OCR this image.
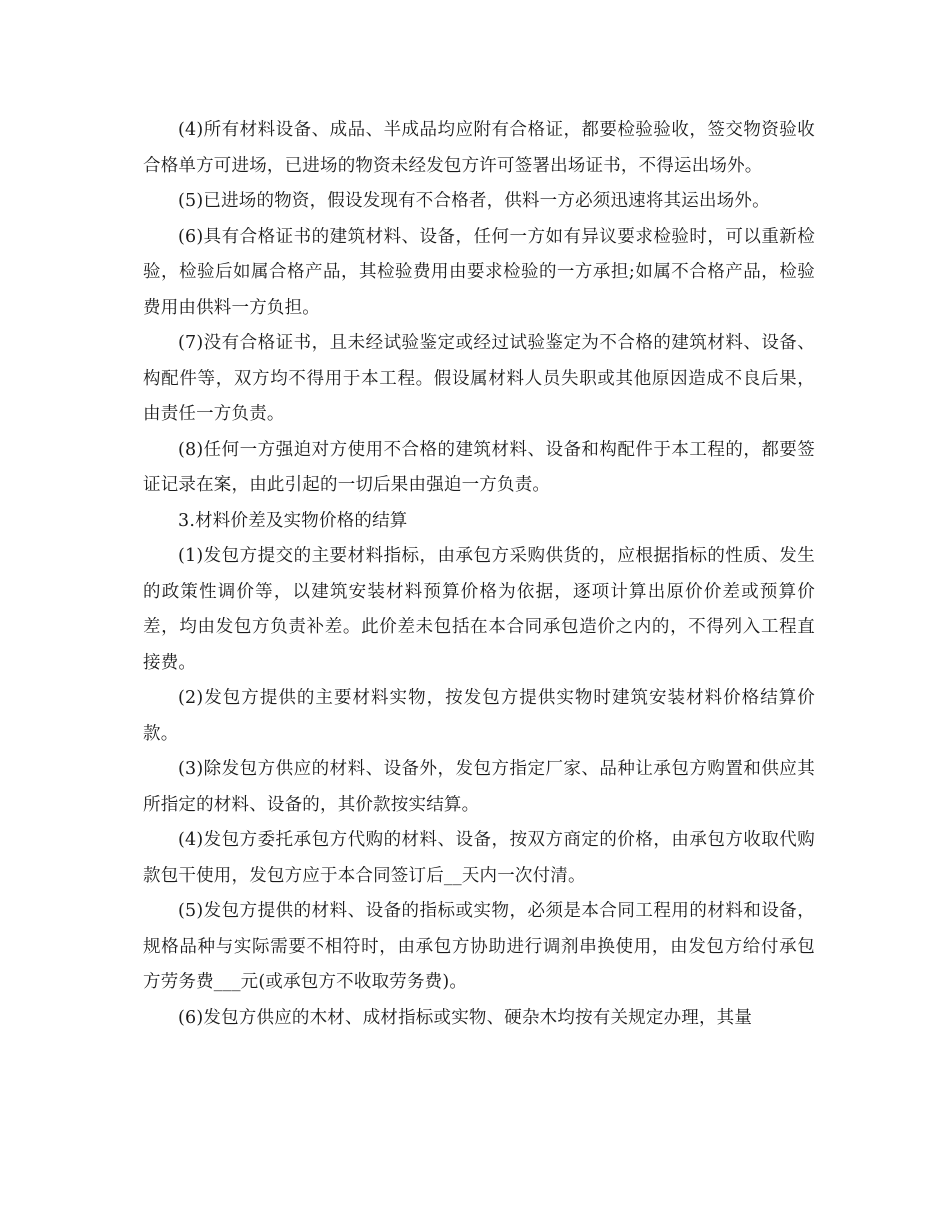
(4)所有材料设备、成品、半成品均应附有合格证，都要检验验收，签交物资验收合格单方可进场，已进场的物资未经发包方许可签署出场证书，不得运出场外。

(5)已进场的物资，假设发现有不合格者，供料一方必须迅速将其运出场外。

(6)具有合格证书的建筑材料、设备，任何一方如有异议要求检验时，可以重新检验，检验后如属合格产品，其检验费用由要求检验的一方承担;如属不合格产品，检验费用由供料一方负担。

(7)没有合格证书，且未经试验鉴定或经过试验鉴定为不合格的建筑材料、设备、构配件等，双方均不得用于本工程。假设属材料人员失职或其他原因造成不良后果，由责任一方负责。

(8)任何一方强迫对方使用不合格的建筑材料、设备和构配件于本工程的，都要签证记录在案，由此引起的一切后果由强迫一方负责。

3.材料价差及实物价格的结算

(1)发包方提交的主要材料指标，由承包方采购供货的，应根据指标的性质、发生的政策性调价等，以建筑安装材料预算价格为依据，逐项计算出原价价差或预算价差，均由发包方负责补差。此价差未包括在本合同承包造价之内的，不得列入工程直接费。

(2)发包方提供的主要材料实物，按发包方提供实物时建筑安装材料价格结算价款。

(3)除发包方供应的材料、设备外，发包方指定厂家、品种让承包方购置和供应其所指定的材料、设备的，其价款按实结算。

(4)发包方委托承包方代购的材料、设备，按双方商定的价格，由承包方收取代购款包干使用，发包方应于本合同签订后__天内一次付清。

(5)发包方提供的材料、设备的指标或实物，必须是本合同工程用的材料和设备，规格品种与实际需要不相符时，由承包方协助进行调剂串换使用，由发包方给付承包方劳务费___元(或承包方不收取劳务费)。

(6)发包方供应的木材、成材指标或实物、硬杂木均按有关规定办理，其量
